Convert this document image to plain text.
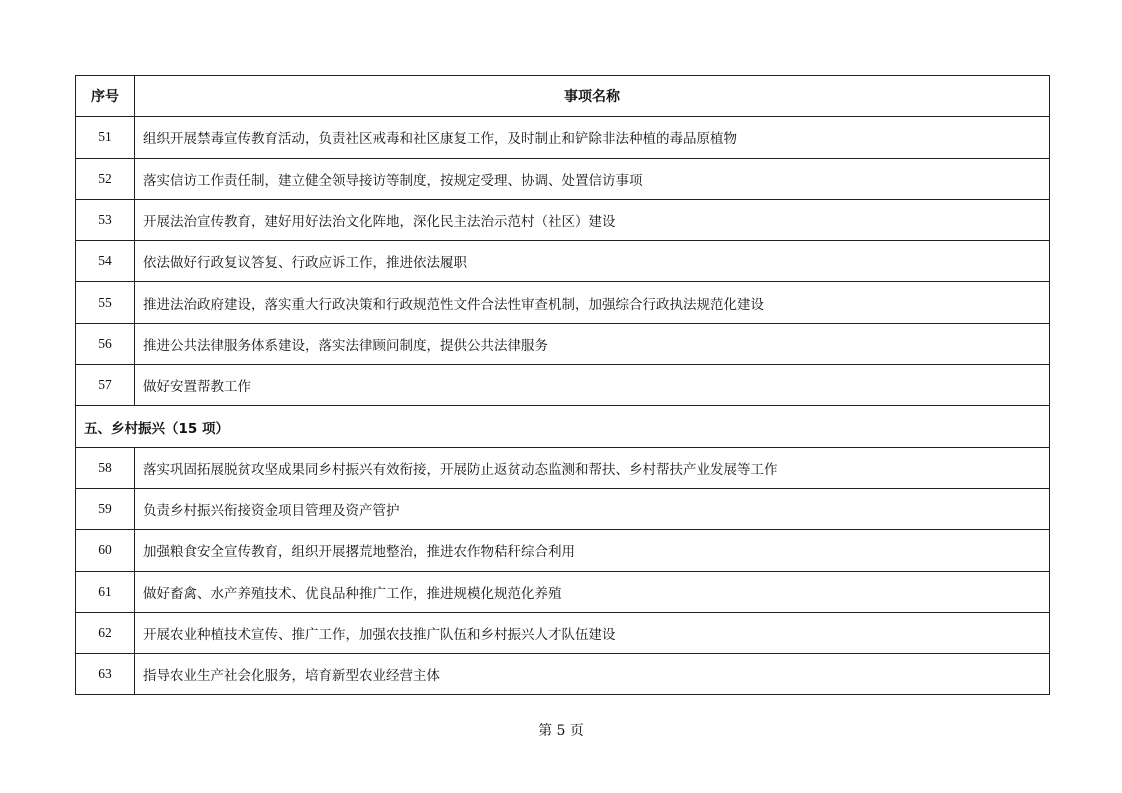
序号	事项名称
51	组织开展禁毒宣传教育活动，负责社区戒毒和社区康复工作，及时制止和铲除非法种植的毒品原植物
52	落实信访工作责任制，建立健全领导接访等制度，按规定受理、协调、处置信访事项
53	开展法治宣传教育，建好用好法治文化阵地，深化民主法治示范村（社区）建设
54	依法做好行政复议答复、行政应诉工作，推进依法履职
55	推进法治政府建设，落实重大行政决策和行政规范性文件合法性审查机制，加强综合行政执法规范化建设
56	推进公共法律服务体系建设，落实法律顾问制度，提供公共法律服务
57	做好安置帮教工作
五、乡村振兴（15 项）	
58	落实巩固拓展脱贫攻坚成果同乡村振兴有效衔接，开展防止返贫动态监测和帮扶、乡村帮扶产业发展等工作
59	负责乡村振兴衔接资金项目管理及资产管护
60	加强粮食安全宣传教育，组织开展撂荒地整治，推进农作物秸秆综合利用
61	做好畜禽、水产养殖技术、优良品种推广工作，推进规模化规范化养殖
62	开展农业种植技术宣传、推广工作，加强农技推广队伍和乡村振兴人才队伍建设
63	指导农业生产社会化服务，培育新型农业经营主体
第 5 页
